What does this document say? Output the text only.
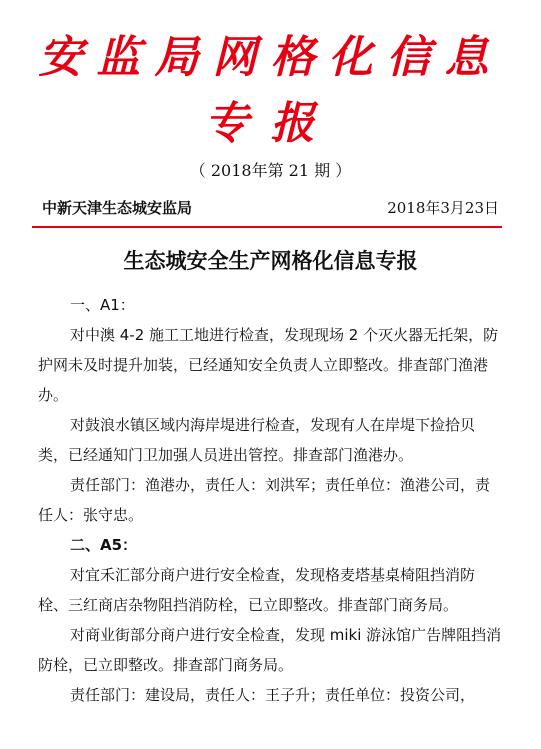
安监局网格化信息
专报
（ 2018年第 21 期 ）
中新天津生态城安监局	2018年3月23日
生态城安全生产网格化信息专报

一、A1：

对中澳 4-2 施工工地进行检查，发现现场 2 个灭火器无托架，防护网未及时提升加装，已经通知安全负责人立即整改。排查部门渔港办。

对鼓浪水镇区域内海岸堤进行检查，发现有人在岸堤下捡拾贝类，已经通知门卫加强人员进出管控。排查部门渔港办。

责任部门：渔港办，责任人：刘洪军；责任单位：渔港公司，责任人：张守忠。

二、A5：

对宜禾汇部分商户进行安全检查，发现格麦塔基桌椅阻挡消防栓、三红商店杂物阻挡消防栓，已立即整改。排查部门商务局。

对商业街部分商户进行安全检查，发现 miki 游泳馆广告牌阻挡消防栓，已立即整改。排查部门商务局。

责任部门：建设局，责任人：王子升；责任单位：投资公司，
